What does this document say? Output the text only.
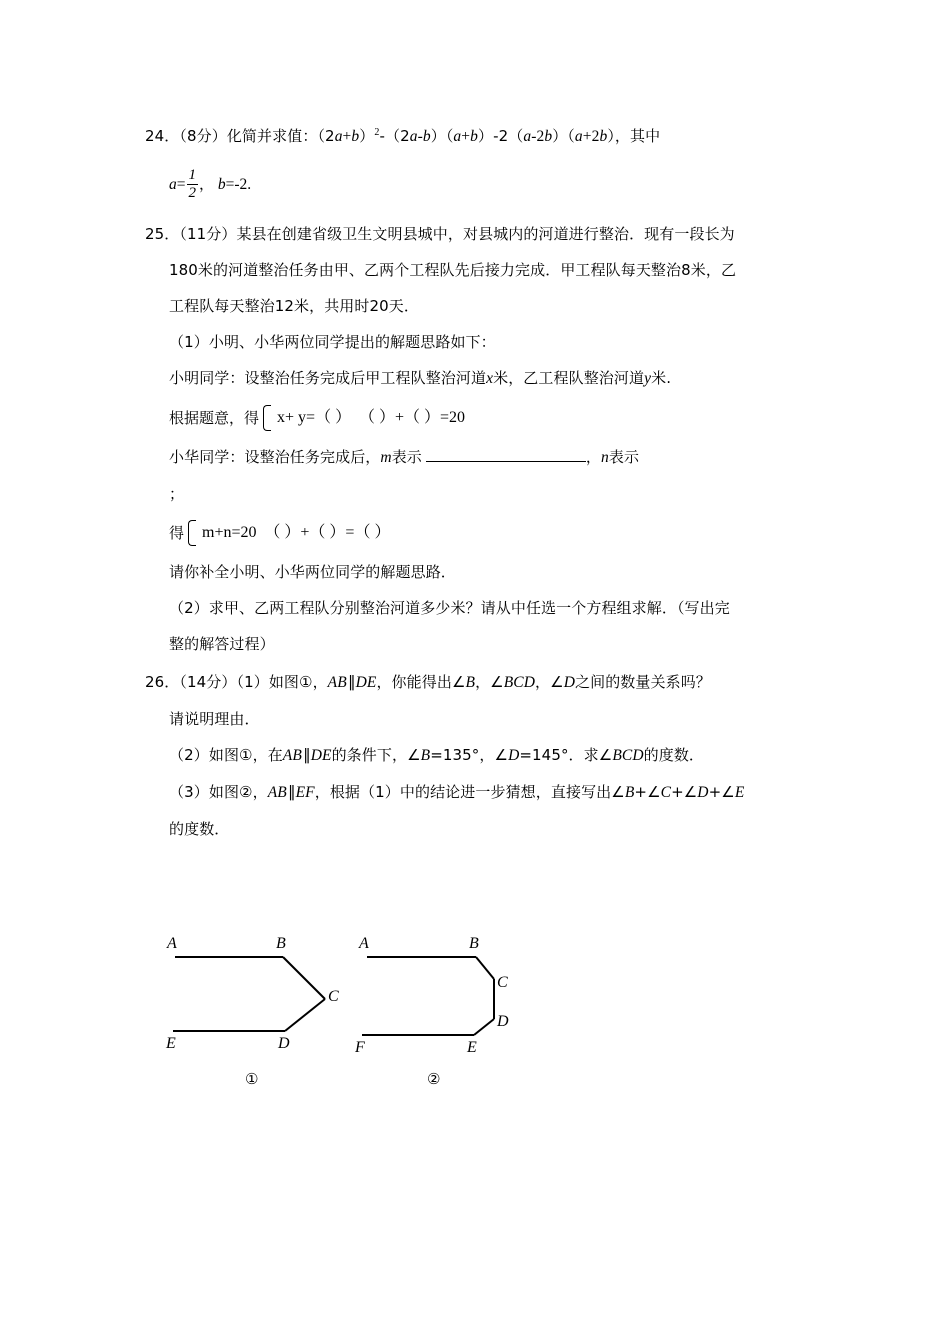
24．（8分）化简并求值：$(2a+b)^2-(2a-b)(a+b)-2(a-2b)(a+2b)$，其中
$a= \frac{1}{2}$ ， b=-2.
25．（11分）某县在创建省级卫生文明县城中，对县城内的河道进行整治．现有一段长为
180米的河道整治任务由甲、乙两个工程队先后接力完成．甲工程队每天整治8米，乙
工程队每天整治12米，共用时20天．
（1）小明、小华两位同学提出的解题思路如下：
小明同学：设整治任务完成后甲工程队整治河道x米，乙工程队整治河道y米.
根据题意，得	x+ y=（ ） （ ）+（ ）=20
小华同学：设整治任务完成后，m表示	，n表示
；
得	m+n=20 （ ）+（ ）=（ ）
请你补全小明、小华两位同学的解题思路．
（2）求甲、乙两工程队分别整治河道多少米？请从中任选一个方程组求解．（写出完
整的解答过程）
26．（14分）（1）如图①，AB∥DE，你能得出∠B，∠BCD，∠D之间的数量关系吗？
请说明理由．
（2）如图①，在AB∥DE的条件下，∠B=135°，∠D=145°．求∠BCD的度数．
（3）如图②，AB∥EF，根据（1）中的结论进一步猜想，直接写出∠B+∠C+∠D+∠E
的度数．
A	B
C
D
E
A	B
C
D
E
F
①	②
